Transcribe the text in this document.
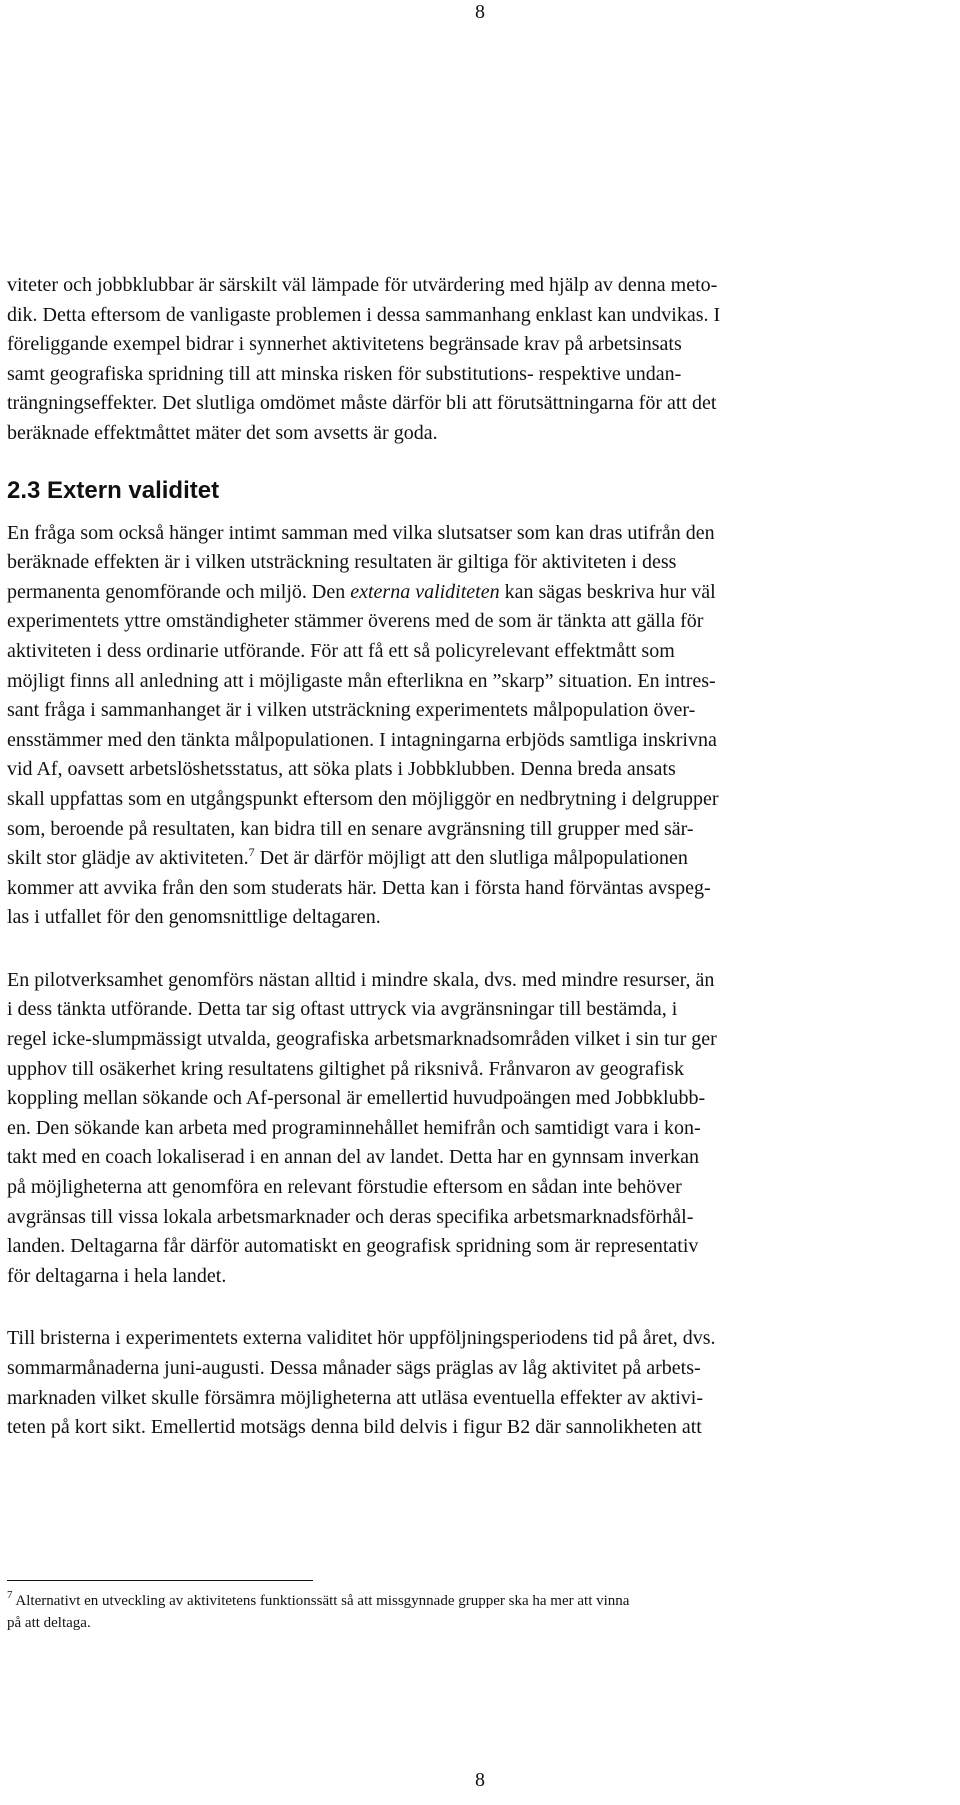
8

viteter och jobbklubbar är särskilt väl lämpade för utvärdering med hjälp av denna meto-
dik. Detta eftersom de vanligaste problemen i dessa sammanhang enklast kan undvikas. I
föreliggande exempel bidrar i synnerhet aktivitetens begränsade krav på arbetsinsats
samt geografiska spridning till att minska risken för substitutions- respektive undan-
trängningseffekter. Det slutliga omdömet måste därför bli att förutsättningarna för att det
beräknade effektmåttet mäter det som avsetts är goda.

2.3 Extern validitet

En fråga som också hänger intimt samman med vilka slutsatser som kan dras utifrån den
beräknade effekten är i vilken utsträckning resultaten är giltiga för aktiviteten i dess
permanenta genomförande och miljö. Den externa validiteten kan sägas beskriva hur väl
experimentets yttre omständigheter stämmer överens med de som är tänkta att gälla för
aktiviteten i dess ordinarie utförande. För att få ett så policyrelevant effektmått som
möjligt finns all anledning att i möjligaste mån efterlikna en ”skarp” situation. En intres-
sant fråga i sammanhanget är i vilken utsträckning experimentets målpopulation över-
ensstämmer med den tänkta målpopulationen. I intagningarna erbjöds samtliga inskrivna
vid Af, oavsett arbetslöshetsstatus, att söka plats i Jobbklubben. Denna breda ansats
skall uppfattas som en utgångspunkt eftersom den möjliggör en nedbrytning i delgrupper
som, beroende på resultaten, kan bidra till en senare avgränsning till grupper med sär-
skilt stor glädje av aktiviteten.$^7$ Det är därför möjligt att den slutliga målpopulationen
kommer att avvika från den som studerats här. Detta kan i första hand förväntas avspeg-
las i utfallet för den genomsnittlige deltagaren.

En pilotverksamhet genomförs nästan alltid i mindre skala, dvs. med mindre resurser, än
i dess tänkta utförande. Detta tar sig oftast uttryck via avgränsningar till bestämda, i
regel icke-slumpmässigt utvalda, geografiska arbetsmarknadsområden vilket i sin tur ger
upphov till osäkerhet kring resultatens giltighet på riksnivå. Frånvaron av geografisk
koppling mellan sökande och Af-personal är emellertid huvudpoängen med Jobbklubb-
en. Den sökande kan arbeta med programinnehållet hemifrån och samtidigt vara i kon-
takt med en coach lokaliserad i en annan del av landet. Detta har en gynnsam inverkan
på möjligheterna att genomföra en relevant förstudie eftersom en sådan inte behöver
avgränsas till vissa lokala arbetsmarknader och deras specifika arbetsmarknadsförhål-
landen. Deltagarna får därför automatiskt en geografisk spridning som är representativ
för deltagarna i hela landet.

Till bristerna i experimentets externa validitet hör uppföljningsperiodens tid på året, dvs.
sommarmånaderna juni-augusti. Dessa månader sägs präglas av låg aktivitet på arbets-
marknaden vilket skulle försämra möjligheterna att utläsa eventuella effekter av aktivi-
teten på kort sikt. Emellertid motsägs denna bild delvis i figur B2 där sannolikheten att

$^7$ Alternativt en utveckling av aktivitetens funktionssätt så att missgynnade grupper ska ha mer att vinna
på att deltaga.
8
